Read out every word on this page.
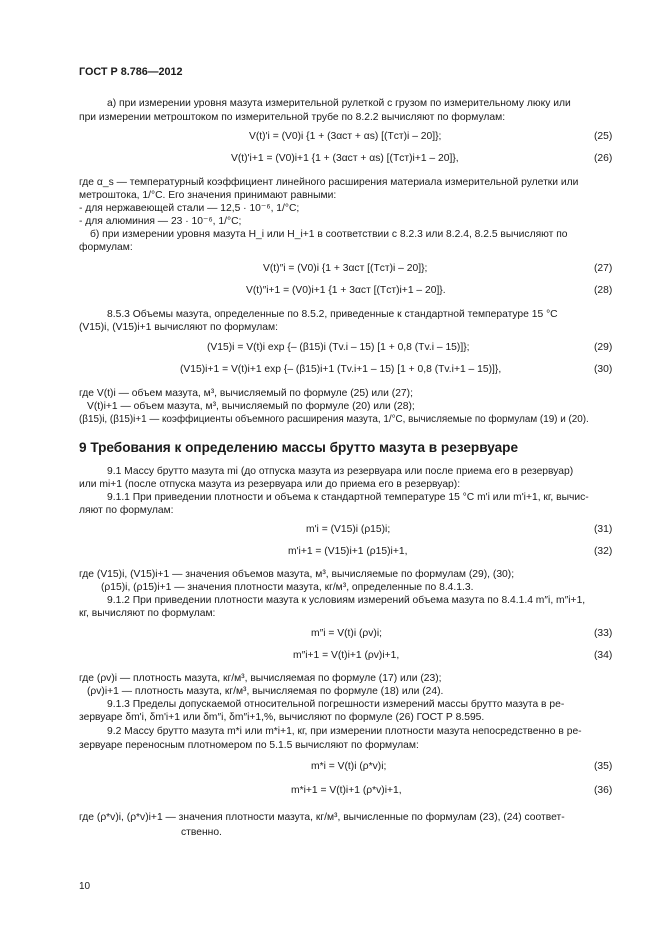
ГОСТ Р 8.786—2012
а) при измерении уровня мазута измерительной рулеткой с грузом по измерительному люку или
при измерении метроштоком по измерительной трубе по 8.2.2 вычисляют по формулам:
V(t)'i = (V0)i {1 + (3αст + αs) [(Tст)i – 20]};	(25)
V(t)'i+1 = (V0)i+1 {1 + (3αст + αs) [(Tст)i+1 – 20]},	(26)
где α_s — температурный коэффициент линейного расширения материала измерительной рулетки или
метроштока, 1/°С. Его значения принимают равными:
- для нержавеющей стали — 12,5 · 10⁻⁶, 1/°С;
- для алюминия — 23 · 10⁻⁶, 1/°С;
б) при измерении уровня мазута H_i или H_i+1 в соответствии с 8.2.3 или 8.2.4, 8.2.5 вычисляют по
формулам:
V(t)″i = (V0)i {1 + 3αст [(Tст)i – 20]};	(27)
V(t)″i+1 = (V0)i+1 {1 + 3αст [(Tст)i+1 – 20]}.	(28)
8.5.3 Объемы мазута, определенные по 8.5.2, приведенные к стандартной температуре 15 °С
(V15)i, (V15)i+1 вычисляют по формулам:
(V15)i = V(t)i exp {– (β15)i (Tv.i – 15) [1 + 0,8 (Tv.i – 15)]};	(29)
(V15)i+1 = V(t)i+1 exp {– (β15)i+1 (Tv.i+1 – 15) [1 + 0,8 (Tv.i+1 – 15)]},	(30)
где V(t)i — объем мазута, м³, вычисляемый по формуле (25) или (27);
V(t)i+1 — объем мазута, м³, вычисляемый по формуле (20) или (28);
(β15)i, (β15)i+1 — коэффициенты объемного расширения мазута, 1/°С, вычисляемые по формулам (19) и (20).
9 Требования к определению массы брутто мазута в резервуаре
9.1 Массу брутто мазута mi (до отпуска мазута из резервуара или после приема его в резервуар)
или mi+1 (после отпуска мазута из резервуара или до приема его в резервуар):
9.1.1 При приведении плотности и объема к стандартной температуре 15 °С m'i или m'i+1, кг, вычис-
ляют по формулам:
m'i = (V15)i (ρ15)i;	(31)
m'i+1 = (V15)i+1 (ρ15)i+1,	(32)
где (V15)i, (V15)i+1 — значения объемов мазута, м³, вычисляемые по формулам (29), (30);
(ρ15)i, (ρ15)i+1 — значения плотности мазута, кг/м³, определенные по 8.4.1.3.
9.1.2 При приведении плотности мазута к условиям измерений объема мазута по 8.4.1.4 m″i, m″i+1,
кг, вычисляют по формулам:
m″i = V(t)i (ρv)i;	(33)
m″i+1 = V(t)i+1 (ρv)i+1,	(34)
где (ρv)i — плотность мазута, кг/м³, вычисляемая по формуле (17) или (23);
(ρv)i+1 — плотность мазута, кг/м³, вычисляемая по формуле (18) или (24).
9.1.3 Пределы допускаемой относительной погрешности измерений массы брутто мазута в ре-
зервуаре δm'i, δm'i+1 или δm″i, δm″i+1,%, вычисляют по формуле (26) ГОСТ Р 8.595.
9.2 Массу брутто мазута m*i или m*i+1, кг, при измерении плотности мазута непосредственно в ре-
зервуаре переносным плотномером по 5.1.5 вычисляют по формулам:
m*i = V(t)i (ρ*v)i;	(35)
m*i+1 = V(t)i+1 (ρ*v)i+1,	(36)
где (ρ*v)i, (ρ*v)i+1 — значения плотности мазута, кг/м³, вычисленные по формулам (23), (24) соответ-
ственно.
10
